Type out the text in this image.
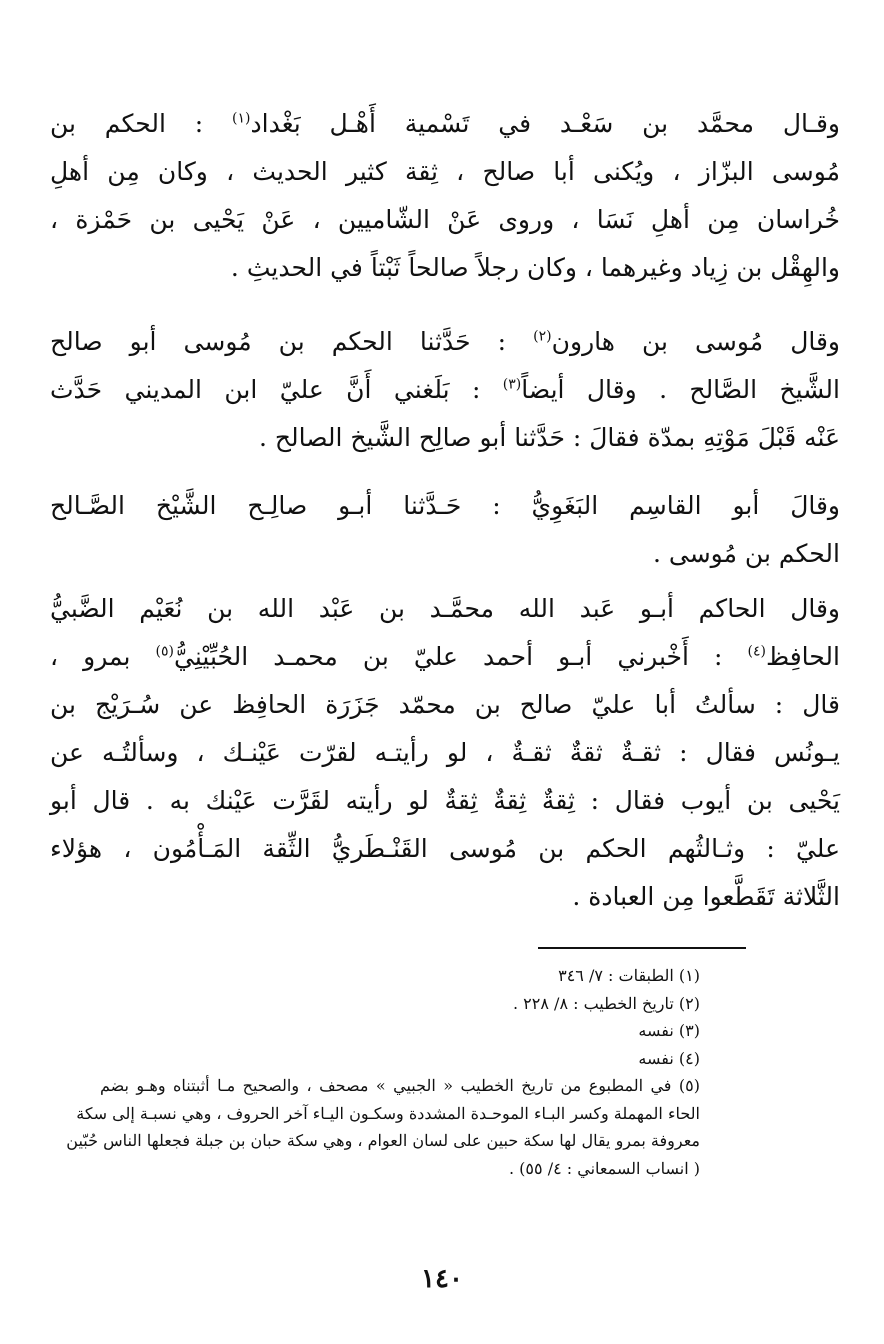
وقـال محمَّد بن سَعْـد في تَسْمية أَهْـل بَغْداد$^{(١)}$ : الحكم بن
مُوسى البزّاز ، ويُكنى أبا صالح ، ثِقة كثير الحديث ، وكان مِن أهلِ
خُراسان مِن أهلِ نَسَا ، وروى عَنْ الشّاميين ، عَنْ يَحْيى بن حَمْزة ،
والهِقْل بن زِياد وغيرهما ، وكان رجلاً صالحاً ثَبْتاً في الحديثِ .
وقال مُوسى بن هارون$^{(٢)}$ : حَدَّثنا الحكم بن مُوسى أبو صالح
الشَّيخ الصَّالح . وقال أيضاً$^{(٣)}$ : بَلَغني أَنَّ عليّ ابن المديني حَدَّث
عَنْه قَبْلَ مَوْتِهِ بمدّة فقالَ : حَدَّثنا أبو صالِح الشَّيخ الصالح .
وقالَ أبو القاسِم البَغَوِيُّ : حَـدَّثنا أبـو صالِـح الشَّيْخ الصَّـالح
الحكم بن مُوسى .
وقال الحاكم أبـو عَبد الله محمَّـد بن عَبْد الله بن نُعَيْم الضَّبيُّ
الحافِظ$^{(٤)}$ : أَخْبرني أبـو أحمد عليّ بن محمـد الحُبِّيْنِيُّ$^{(٥)}$ بمرو ،
قال : سألتُ أبا عليّ صالح بن محمّد جَزَرَة الحافِظ عن سُـرَيْج بن
يـونُس فقال : ثقـةٌ ثقةٌ ثقـةٌ ، لو رأيتـه لقرّت عَيْنـك ، وسألتُـه عن
يَحْيى بن أيوب فقال : ثِقةٌ ثِقةٌ ثِقةٌ لو رأيته لقَرَّت عَيْنك به . قال أبو
عليّ : وثـالثُهم الحكم بن مُوسى القَنْـطَريُّ الثِّقة المَـأْمُون ، هؤلاء
الثَّلاثة تَقَطَّعوا مِن العبادة .
(١) الطبقات : ٧/ ٣٤٦
(٢) تاريخ الخطيب : ٨/ ٢٢٨ .
(٣) نفسه
(٤) نفسه
(٥) في المطبوع من تاريخ الخطيب « الجبيي » مصحف ، والصحيح مـا أثبتناه وهـو بضم
الحاء المهملة وكسر البـاء الموحـدة المشددة وسكـون اليـاء آخر الحروف ، وهي نسبـة إلى سكة
معروفة بمرو يقال لها سكة حبين على لسان العوام ، وهي سكة حبان بن جبلة فجعلها الناس حُبّين
( انساب السمعاني : ٤/ ٥٥) .
١٤٠
